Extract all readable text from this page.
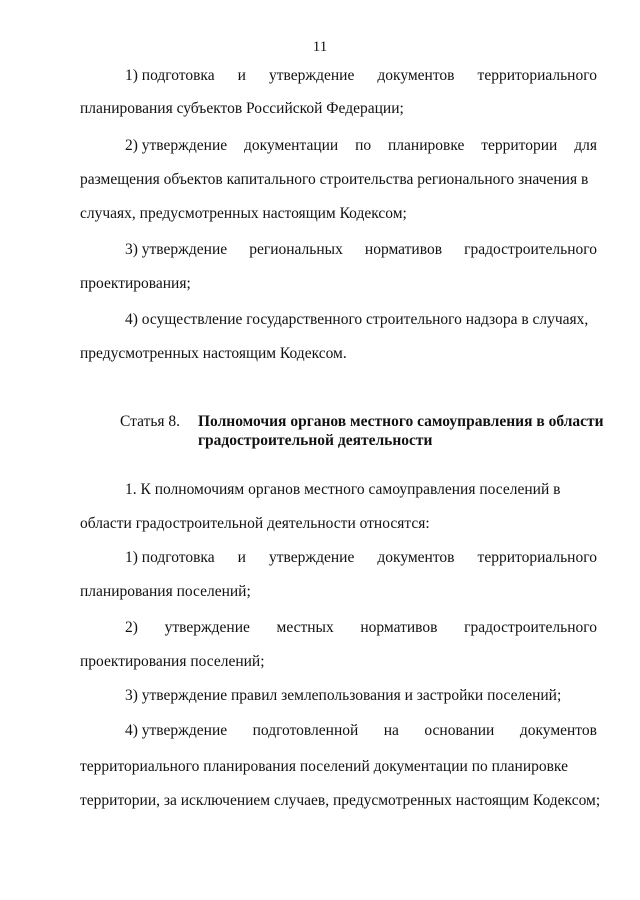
11
1) подготовка и утверждение документов территориального
планирования субъектов Российской Федерации;
2) утверждение документации по планировке территории для
размещения объектов капитального строительства регионального значения в
случаях, предусмотренных настоящим Кодексом;
3) утверждение региональных нормативов градостроительного
проектирования;
4) осуществление государственного строительного надзора в случаях,
предусмотренных настоящим Кодексом.
Статья 8. Полномочия органов местного самоуправления в области
градостроительной деятельности
1. К полномочиям органов местного самоуправления поселений в
области градостроительной деятельности относятся:
1) подготовка и утверждение документов территориального
планирования поселений;
2) утверждение местных нормативов градостроительного
проектирования поселений;
3) утверждение правил землепользования и застройки поселений;
4) утверждение подготовленной на основании документов
территориального планирования поселений документации по планировке
территории, за исключением случаев, предусмотренных настоящим Кодексом;
